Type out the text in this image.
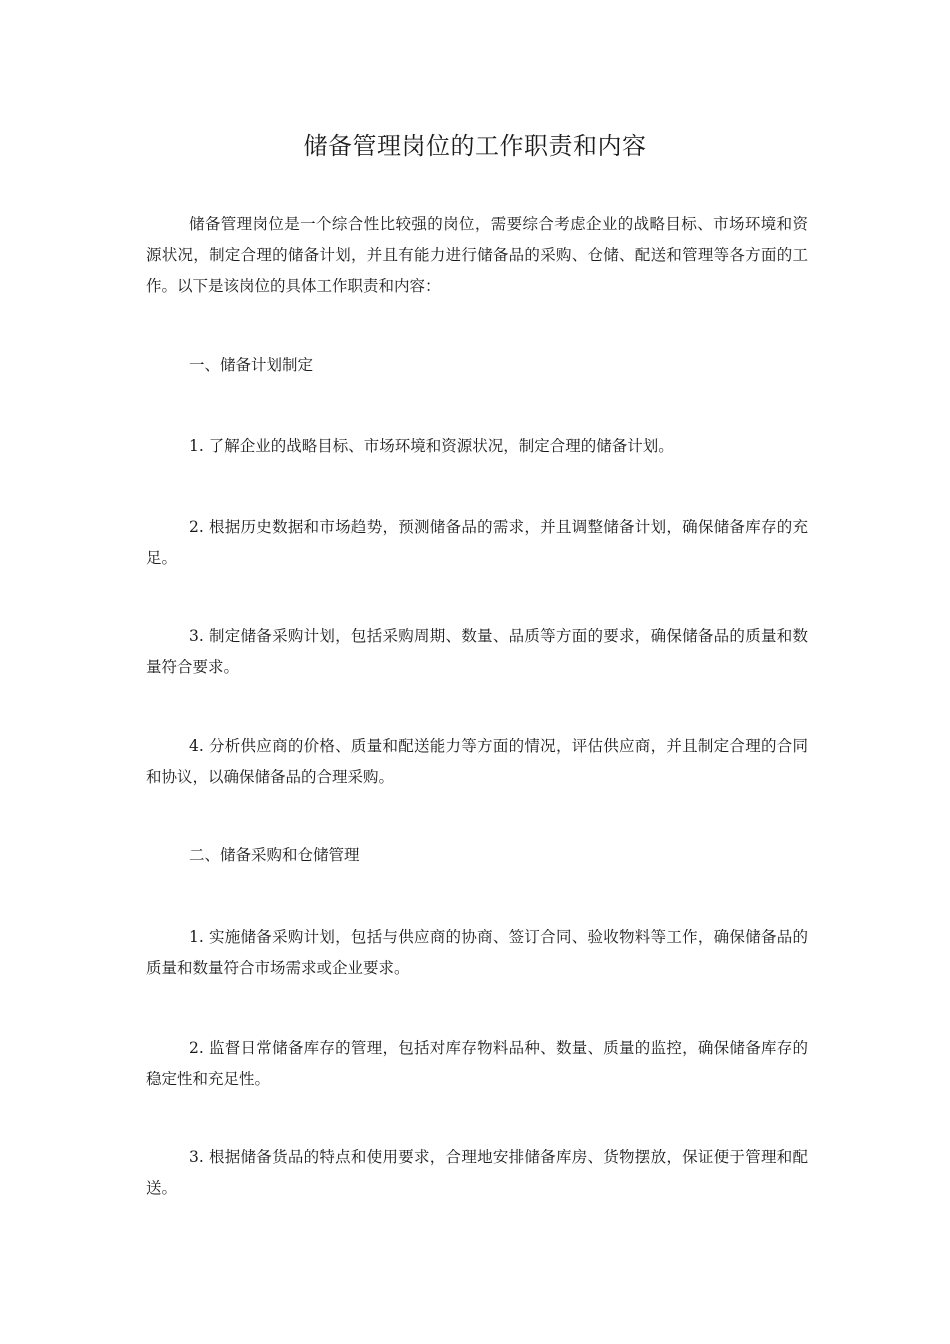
储备管理岗位的工作职责和内容

储备管理岗位是一个综合性比较强的岗位，需要综合考虑企业的战略目标、市场环境和资源状况，制定合理的储备计划，并且有能力进行储备品的采购、仓储、配送和管理等各方面的工作。以下是该岗位的具体工作职责和内容：

一、储备计划制定

1. 了解企业的战略目标、市场环境和资源状况，制定合理的储备计划。

2. 根据历史数据和市场趋势，预测储备品的需求，并且调整储备计划，确保储备库存的充足。

3. 制定储备采购计划，包括采购周期、数量、品质等方面的要求，确保储备品的质量和数量符合要求。

4. 分析供应商的价格、质量和配送能力等方面的情况，评估供应商，并且制定合理的合同和协议，以确保储备品的合理采购。

二、储备采购和仓储管理

1. 实施储备采购计划，包括与供应商的协商、签订合同、验收物料等工作，确保储备品的质量和数量符合市场需求或企业要求。

2. 监督日常储备库存的管理，包括对库存物料品种、数量、质量的监控，确保储备库存的稳定性和充足性。

3. 根据储备货品的特点和使用要求，合理地安排储备库房、货物摆放，保证便于管理和配送。
